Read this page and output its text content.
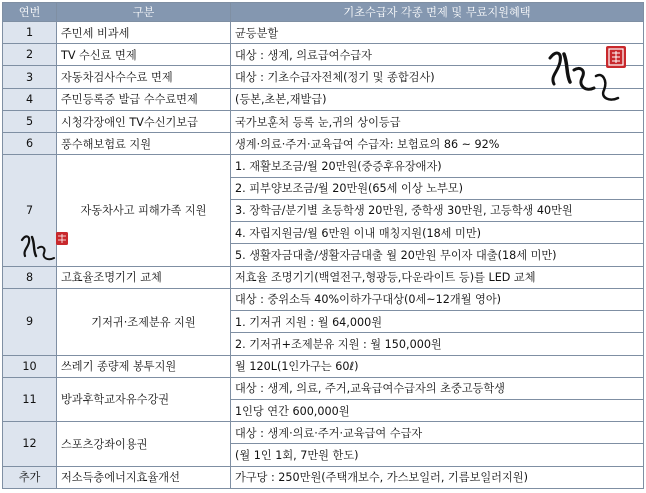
연번	구분	기초수급자 각종 면제 및 무료지원혜택
1	주민세 비과세	균등분할
2	TV 수신료 면제	대상 : 생계, 의료급여수급자
3	자동차검사수수료 면제	대상 : 기초수급자전체(정기 및 종합검사)
4	주민등록증 발급 수수료면제	(등본,초본,재발급)
5	시청각장애인 TV수신기보급	국가보훈처 등록 눈,귀의 상이등급
6	풍수해보험료 지원	생계·의료·주거·교육급여 수급자: 보험료의 86 ~ 92%
7	자동차사고 피해가족 지원	1. 재활보조금/월 20만원(중증후유장애자)
		2. 피부양보조금/월 20만원(65세 이상 노부모)
		3. 장학금/분기별 초등학생 20만원, 중학생 30만원, 고등학생 40만원
		4. 자립지원금/월 6만원 이내 매칭지원(18세 미만)
		5. 생활자금대출/생활자금대출 월 20만원 무이자 대출(18세 미만)
8	고효율조명기기 교체	저효율 조명기기(백열전구,형광등,다운라이트 등)를 LED 교체
9	기저귀·조제분유 지원	대상 : 중위소득 40%이하가구대상(0세~12개월 영아)
		1. 기저귀 지원 : 월 64,000원
		2. 기저귀+조제분유 지원 : 월 150,000원
10	쓰레기 종량제 봉투지원	월 120L(1인가구는 60ℓ)
11	방과후학교자유수강권	대상 : 생계, 의료, 주거,교육급여수급자의 초중고등학생
		1인당 연간 600,000원
12	스포츠강좌이용권	대상 : 생계·의료·주거·교육급여 수급자
		(월 1인 1회, 7만원 한도)
추가	저소득층에너지효율개선	가구당 : 250만원(주택개보수, 가스보일러, 기름보일러지원)
